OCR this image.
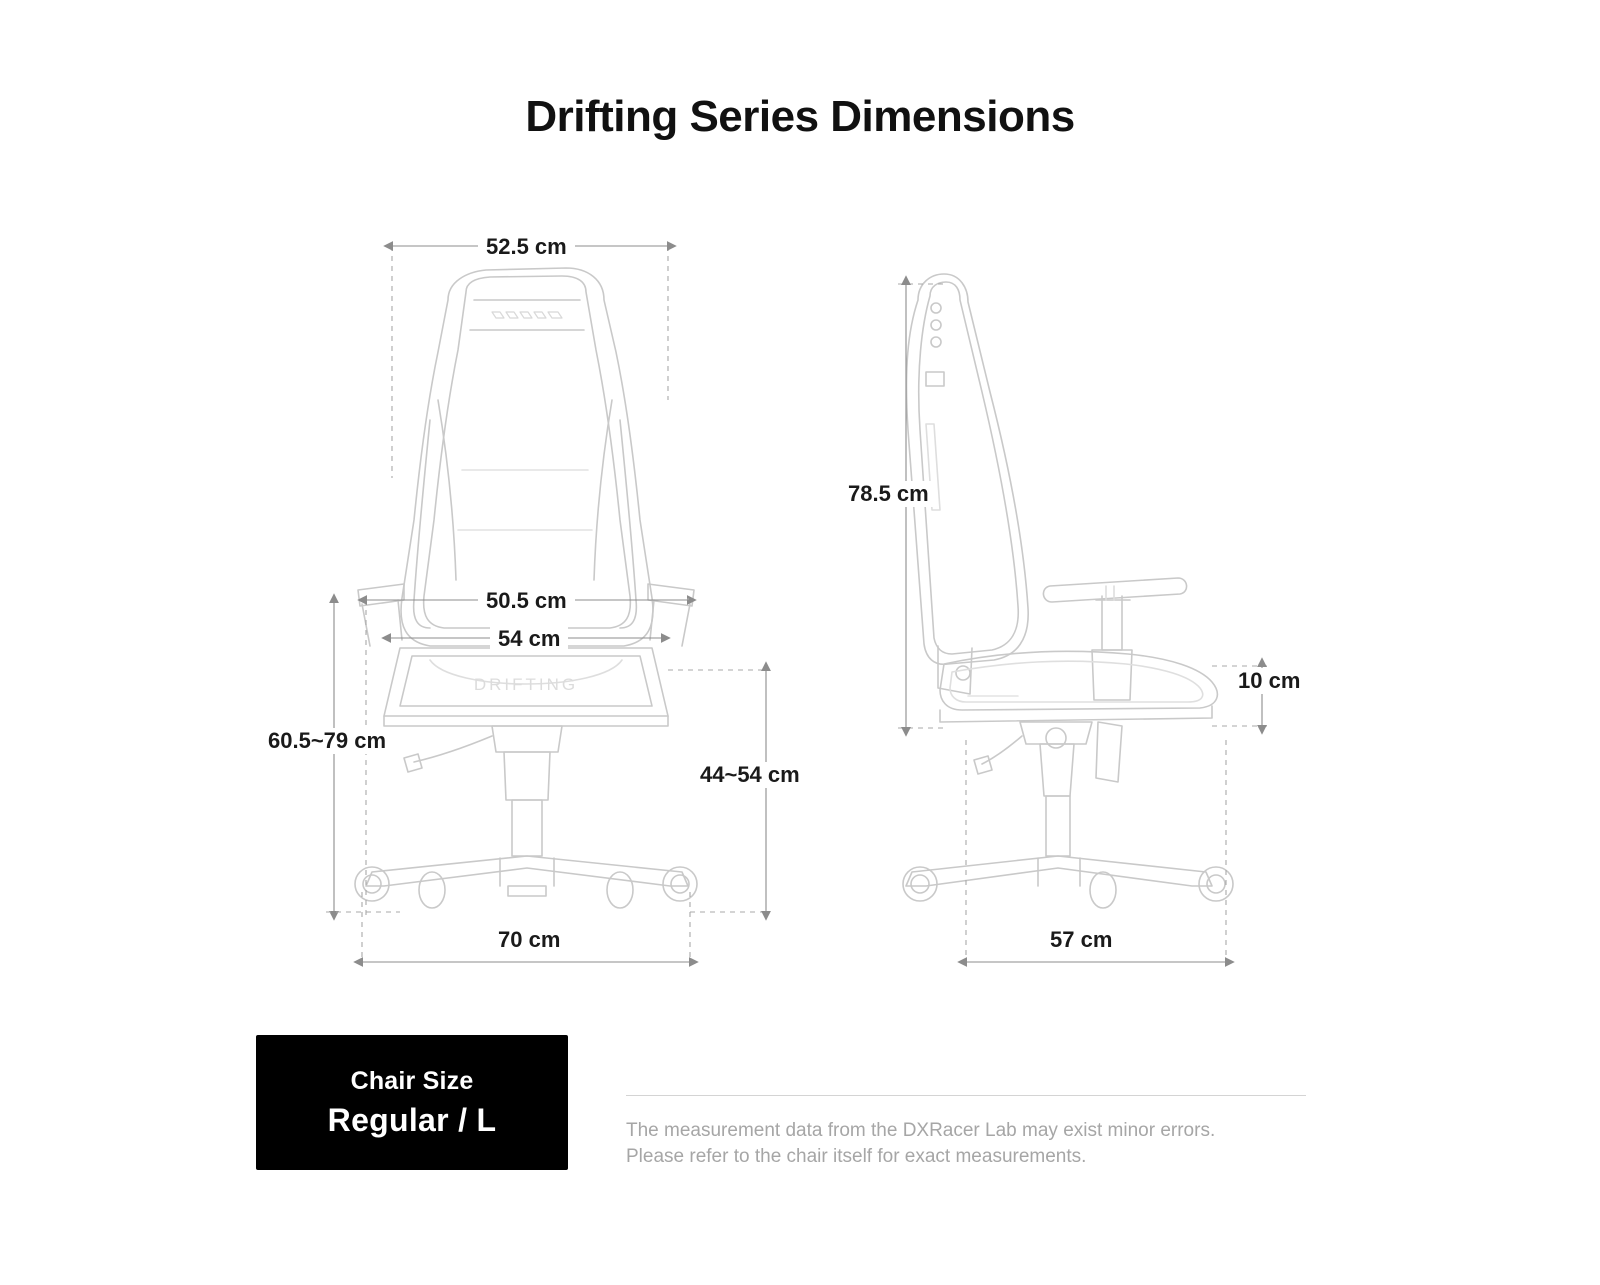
Drifting Series Dimensions
DRIFTING
52.5 cm
50.5 cm
54 cm
60.5~79 cm
44~54 cm
70 cm
78.5 cm
10 cm
57 cm
Chair Size
Regular / L	The measurement data from the DXRacer Lab may exist minor errors.

Please refer to the chair itself for exact measurements.
